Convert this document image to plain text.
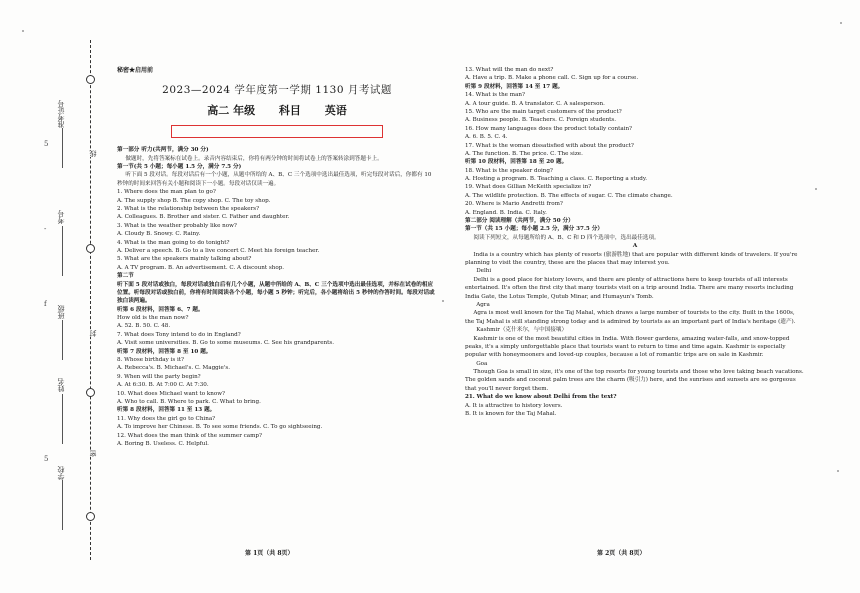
准考证号
考号
班级
姓名
学校
线
封
密
5
-
f
5
秘密★启用前
2023—2024 学年度第一学期 1130 月考试题
高二 年级 科目 英语

第一部分 听力(共两节，满分 30 分)

做题时，先将答案标在试卷上。录音内容结束后，你将有两分钟的时间将试卷上的答案转涂到答题卡上。

第一节(共 5 小题；每小题 1.5 分，满分 7.5 分)

听下面 5 段对话。每段对话后有一个小题，从题中所给的 A、B、C 三个选项中选出最佳选项，听完每段对话后，你都有 10 秒钟的时间来回答有关小题和阅读下一小题。每段对话仅读一遍。

1. Where does the man plan to go?

A. The supply shop B. The copy shop. C. The toy shop.

2. What is the relationship between the speakers?

A. Colleagues. B. Brother and sister. C. Father and daughter.

3. What is the weather probably like now?

A. Cloudy B. Snowy. C. Rainy.

4. What is the man going to do tonight?

A. Deliver a speech. B. Go to a live concert C. Meet his foreign teacher.

5. What are the speakers mainly talking about?

A. A TV program. B. An advertisement. C. A discount shop.

第二节

听下面 5 段对话或独白，每段对话或独白后有几个小题，从题中所给的 A、B、C 三个选项中选出最佳选项，并标在试卷的相应位置。听每段对话或独白前，你将有时间阅读各个小题，每小题 5 秒钟；听完后，各小题将给出 5 秒钟的作答时间。每段对话或独白读两遍。

听第 6 段材料，回答第 6、7 题。

How old is the man now?

A. 52. B. 50. C. 48.

7. What does Tony intend to do in England?

A. Visit some universities. B. Go to some museums. C. See his grandparents.

听第 7 段材料，回答第 8 至 10 题。

8. Whose birthday is it?

A. Rebecca's. B. Michael's. C. Maggie's.

9. When will the party begin?

A. At 6:30. B. At 7:00 C. At 7:30.

10. What does Michael want to know?

A. Who to call. B. Where to park. C. What to bring.

听第 8 段材料，回答第 11 至 13 题。

11. Why does the girl go to China?

A. To improve her Chinese. B. To see some friends. C. To go sightseeing.

12. What does the man think of the summer camp?

A. Boring B. Useless. C. Helpful.

13. What will the man do next?

A. Have a trip. B. Make a phone call. C. Sign up for a course.

听第 9 段材料，回答第 14 至 17 题。

14. What is the man?

A. A tour guide. B. A translator. C. A salesperson.

15. Who are the main target customers of the product?

A. Business people. B. Teachers. C. Foreign students.

16. How many languages does the product totally contain?

A. 6. B. 5. C. 4.

17. What is the woman dissatisfied with about the product?

A. The function. B. The price. C. The size.

听第 10 段材料，回答第 18 至 20 题。

18. What is the speaker doing?

A. Hosting a program. B. Teaching a class. C. Reporting a study.

19. What does Gillian McKeith specialize in?

A. The wildlife protection. B. The effects of sugar. C. The climate change.

20. Where is Mario Andretti from?

A. England. B. India. C. Italy.

第二部分 阅读理解（共两节，满分 50 分）

第一节（共 15 小题；每小题 2.5 分，满分 37.5 分）

阅读下列短文，从每题所给的 A、B、C 和 D 四个选项中，选出最佳选项。

A

India is a country which has plenty of resorts (旅游胜地) that are popular with different kinds of travelers. If you're planning to visit the country, these are the places that may interest you.

Delhi

Delhi is a good place for history lovers, and there are plenty of attractions here to keep tourists of all interests entertained. It's often the first city that many tourists visit on a trip around India. There are many resorts including India Gate, the Lotus Temple, Qutub Minar, and Humayun's Tomb.

Agra

Agra is most well known for the Taj Mahal, which draws a large number of tourists to the city. Built in the 1600s, the Taj Mahal is still standing strong today and is admired by tourists as an important part of India's heritage (遗产).

Kashmir（克什米尔，与中国接壤）

Kashmir is one of the most beautiful cities in India. With flower gardens, amazing water-falls, and snow-topped peaks, it's a simply unforgettable place that tourists want to return to time and time again. Kashmir is especially popular with honeymooners and loved-up couples, because a lot of romantic trips are on sale in Kashmir.

Goa

Though Goa is small in size, it's one of the top resorts for young tourists and those who love taking beach vacations. The golden sands and coconut palm trees are the charm (吸引力) here, and the sunrises and sunsets are so gorgeous that you'll never forget them.

21. What do we know about Delhi from the text?

A. It is attractive to history lovers.

B. It is known for the Taj Mahal.

第 1页（共 8页）	第 2页（共 8页）
